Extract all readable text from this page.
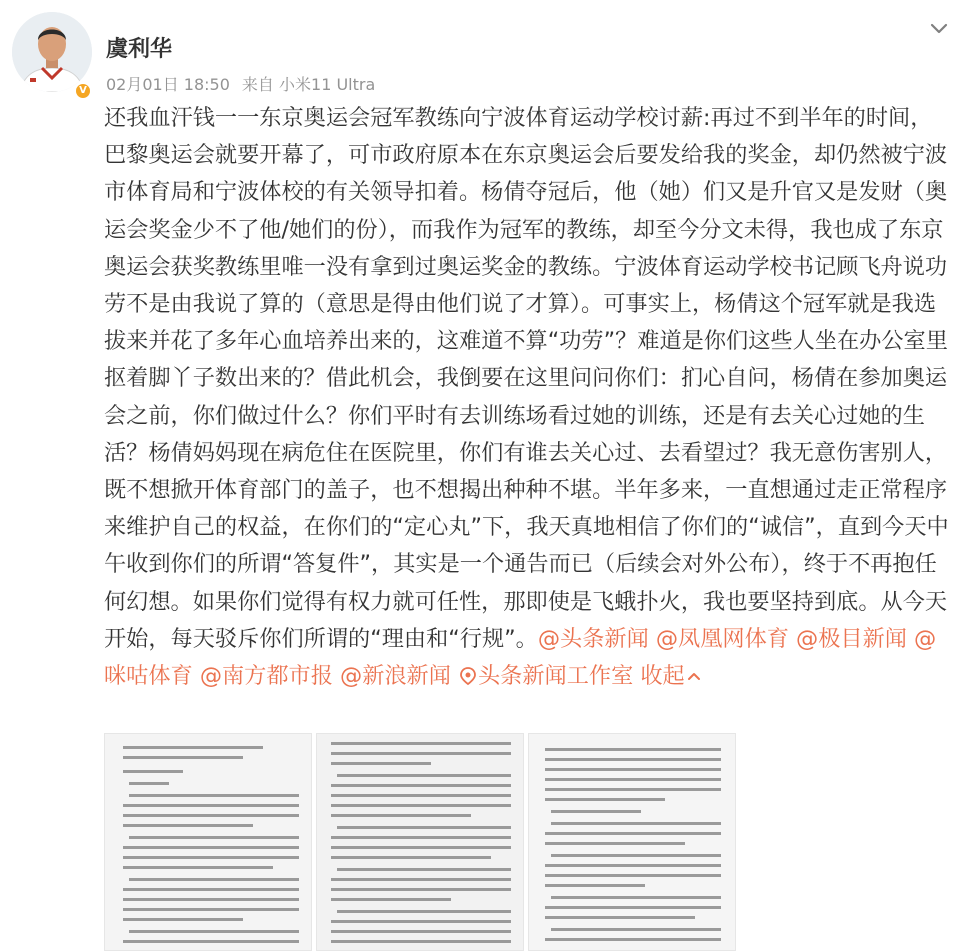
V
虞利华
02月01日 18:50 来自 小米11 Ultra
还我血汗钱一一东京奥运会冠军教练向宁波体育运动学校讨薪:再过不到半年的时间，巴黎奥运会就要开幕了，可市政府原本在东京奥运会后要发给我的奖金，却仍然被宁波市体育局和宁波体校的有关领导扣着。杨倩夺冠后，他（她）们又是升官又是发财（奥运会奖金少不了他/她们的份），而我作为冠军的教练，却至今分文未得，我也成了东京奥运会获奖教练里唯一没有拿到过奥运奖金的教练。宁波体育运动学校书记顾飞舟说功劳不是由我说了算的（意思是得由他们说了才算）。可事实上，杨倩这个冠军就是我选拔来并花了多年心血培养出来的，这难道不算“功劳”？难道是你们这些人坐在办公室里抠着脚丫子数出来的？借此机会，我倒要在这里问问你们：扪心自问，杨倩在参加奥运会之前，你们做过什么？你们平时有去训练场看过她的训练，还是有去关心过她的生活？杨倩妈妈现在病危住在医院里，你们有谁去关心过、去看望过？我无意伤害别人，既不想掀开体育部门的盖子，也不想揭出种种不堪。半年多来，一直想通过走正常程序来维护自己的权益，在你们的“定心丸”下，我天真地相信了你们的“诚信”，直到今天中午收到你们的所谓“答复件”，其实是一个通告而已（后续会对外公布），终于不再抱任何幻想。如果你们觉得有权力就可任性，那即使是飞蛾扑火，我也要坚持到底。从今天开始，每天驳斥你们所谓的“理由和“行规”。@头条新闻 @凤凰网体育 @极目新闻 @咪咕体育 @南方都市报 @新浪新闻 头条新闻工作室 收起
